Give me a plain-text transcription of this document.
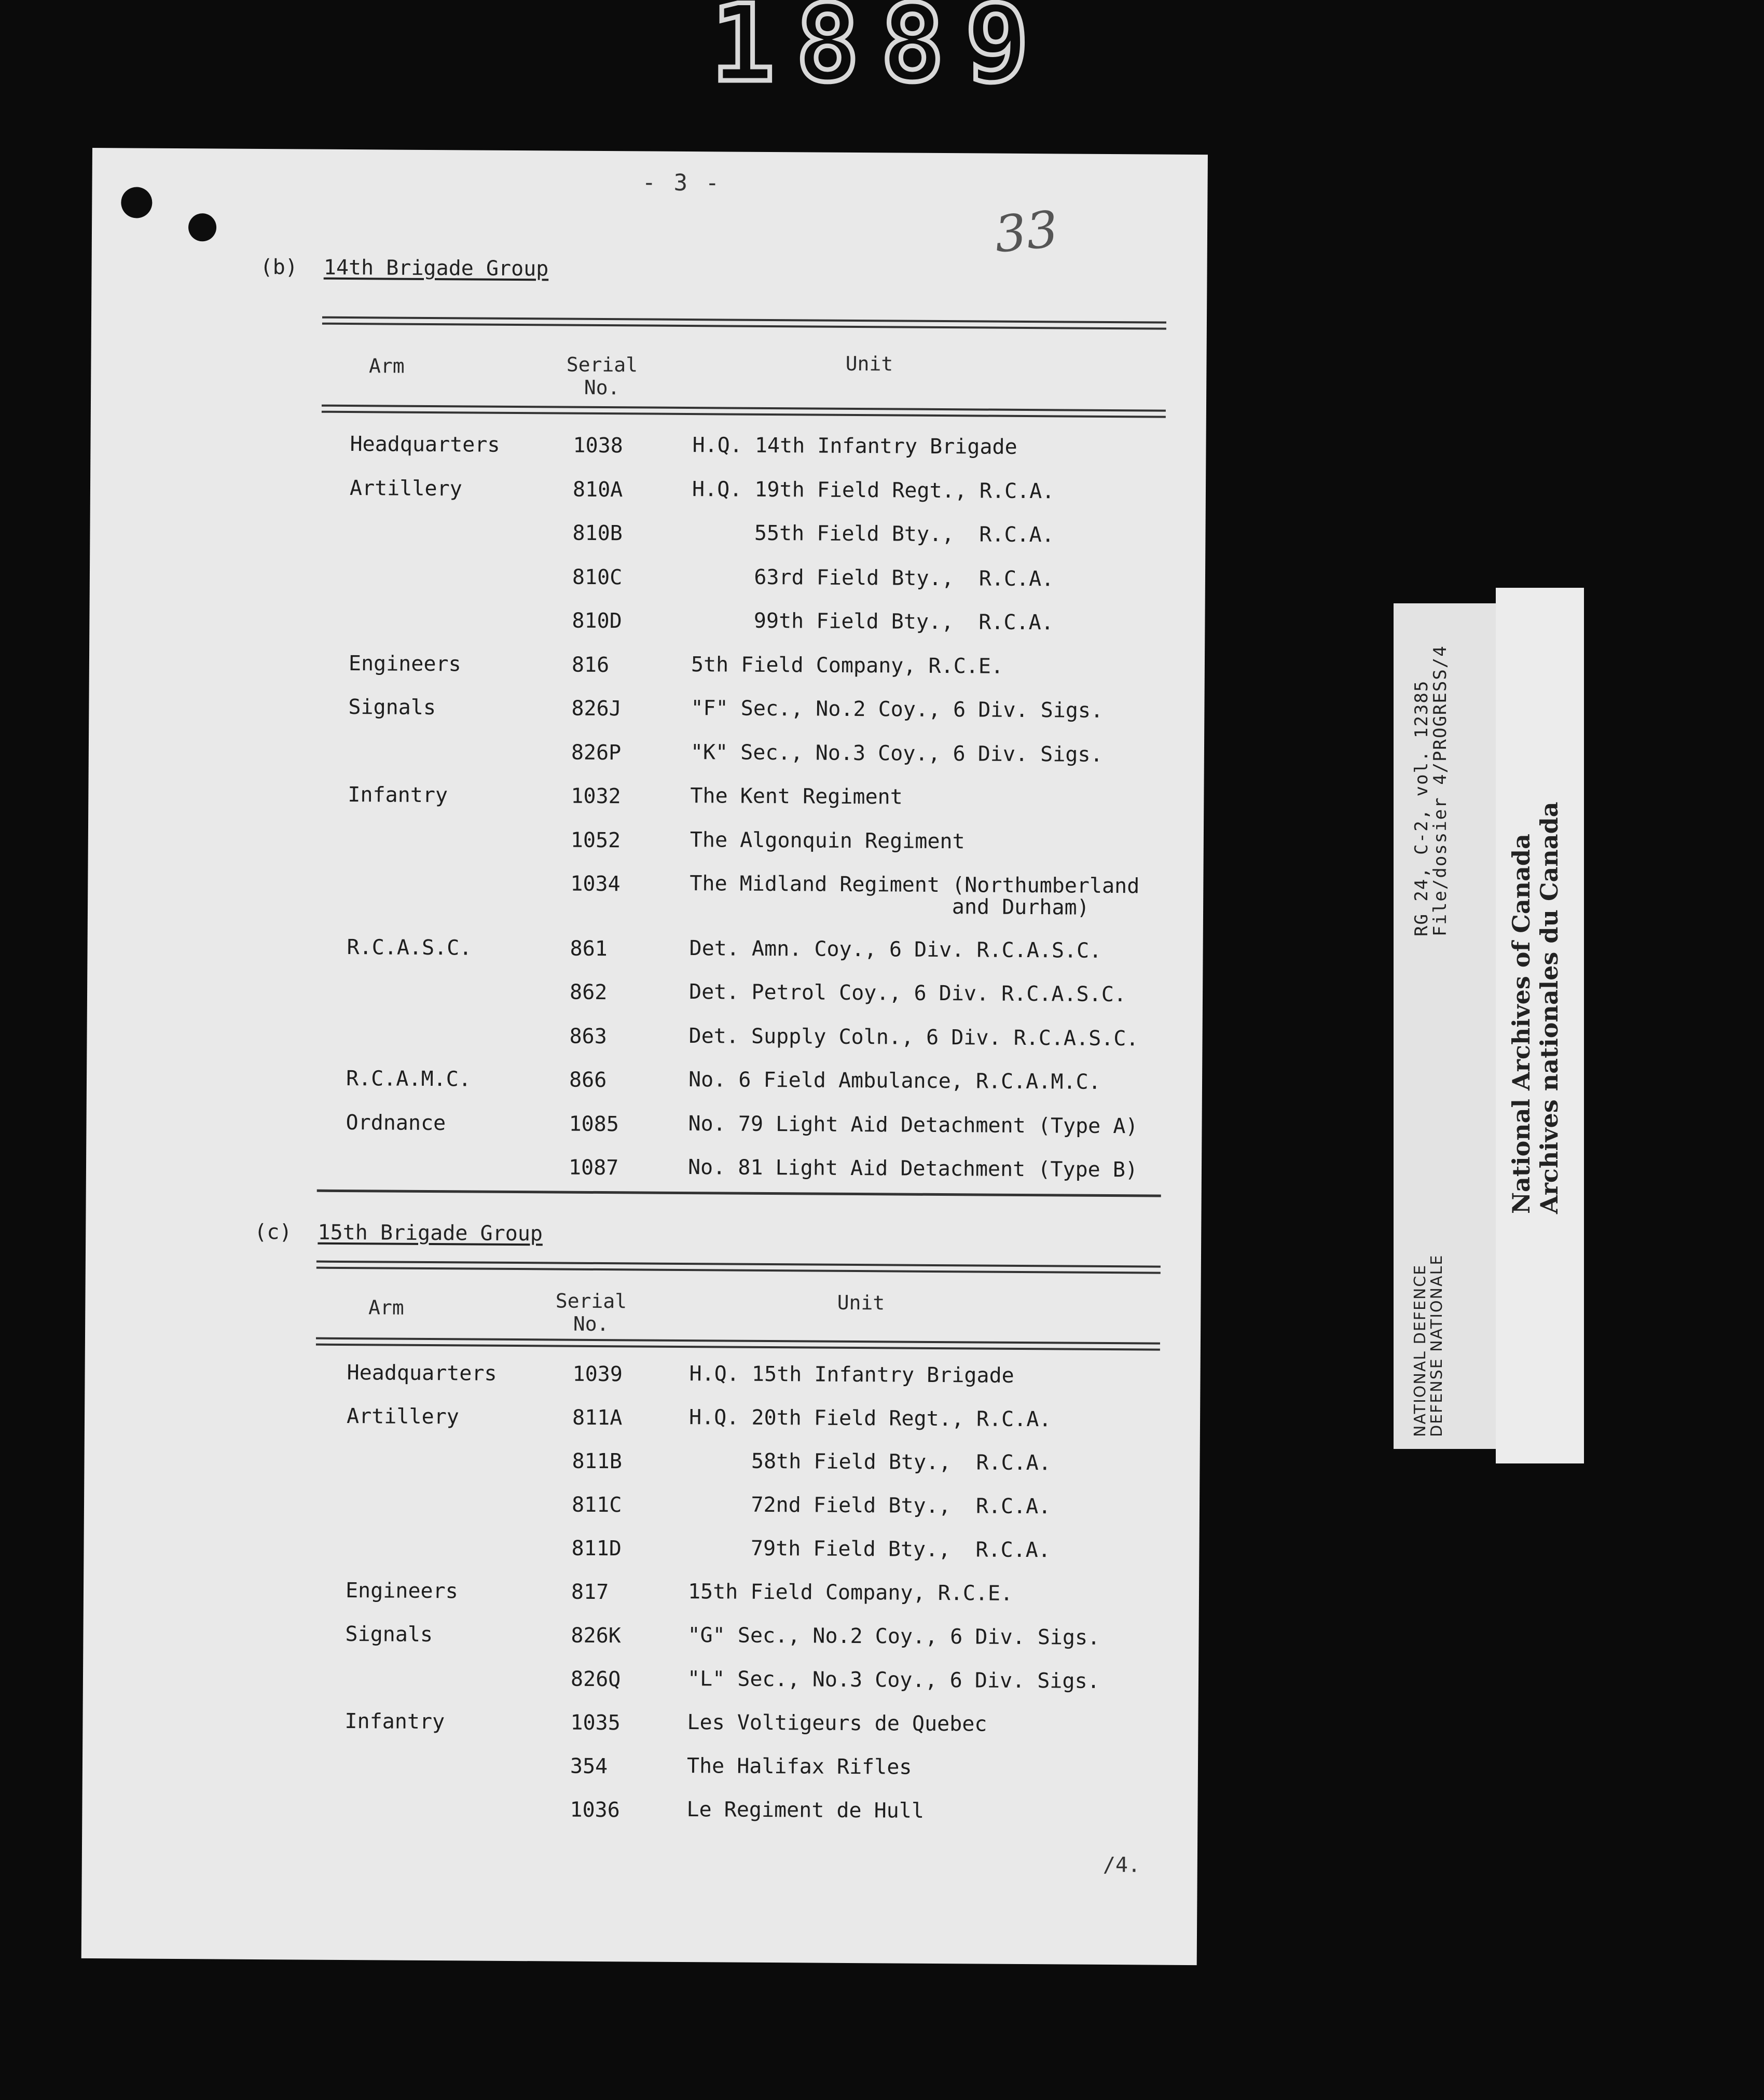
1889
- 3 -
33
(b) 14th Brigade Group
Arm	Serial
No.
Unit
Headquarters	1038	H.Q. 14th Infantry Brigade
Artillery	810A	H.Q. 19th Field Regt., R.C.A.
810B	55th Field Bty.,  R.C.A.
810C	63rd Field Bty.,  R.C.A.
810D	99th Field Bty.,  R.C.A.
Engineers	816	5th Field Company, R.C.E.
Signals	826J	"F" Sec., No.2 Coy., 6 Div. Sigs.
826P	"K" Sec., No.3 Coy., 6 Div. Sigs.
Infantry	1032	The Kent Regiment
1052	The Algonquin Regiment
1034	The Midland Regiment (Northumberland
and Durham)
R.C.A.S.C.	861	Det. Amn. Coy., 6 Div. R.C.A.S.C.
862	Det. Petrol Coy., 6 Div. R.C.A.S.C.
863	Det. Supply Coln., 6 Div. R.C.A.S.C.
R.C.A.M.C.	866	No. 6 Field Ambulance, R.C.A.M.C.
Ordnance	1085	No. 79 Light Aid Detachment (Type A)
1087	No. 81 Light Aid Detachment (Type B)
(c) 15th Brigade Group
Arm	Serial
No.
Unit
Headquarters	1039	H.Q. 15th Infantry Brigade
Artillery	811A	H.Q. 20th Field Regt., R.C.A.
811B	58th Field Bty.,  R.C.A.
811C	72nd Field Bty.,  R.C.A.
811D	79th Field Bty.,  R.C.A.
Engineers	817	15th Field Company, R.C.E.
Signals	826K	"G" Sec., No.2 Coy., 6 Div. Sigs.
826Q	"L" Sec., No.3 Coy., 6 Div. Sigs.
Infantry	1035	Les Voltigeurs de Quebec
354	The Halifax Rifles
1036	Le Regiment de Hull
/4.
NATIONAL DEFENCE
DEFENSE NATIONALE
RG 24, C-2, vol. 12385
File/dossier 4/PROGRESS/4
National Archives of Canada
Archives nationales du Canada
